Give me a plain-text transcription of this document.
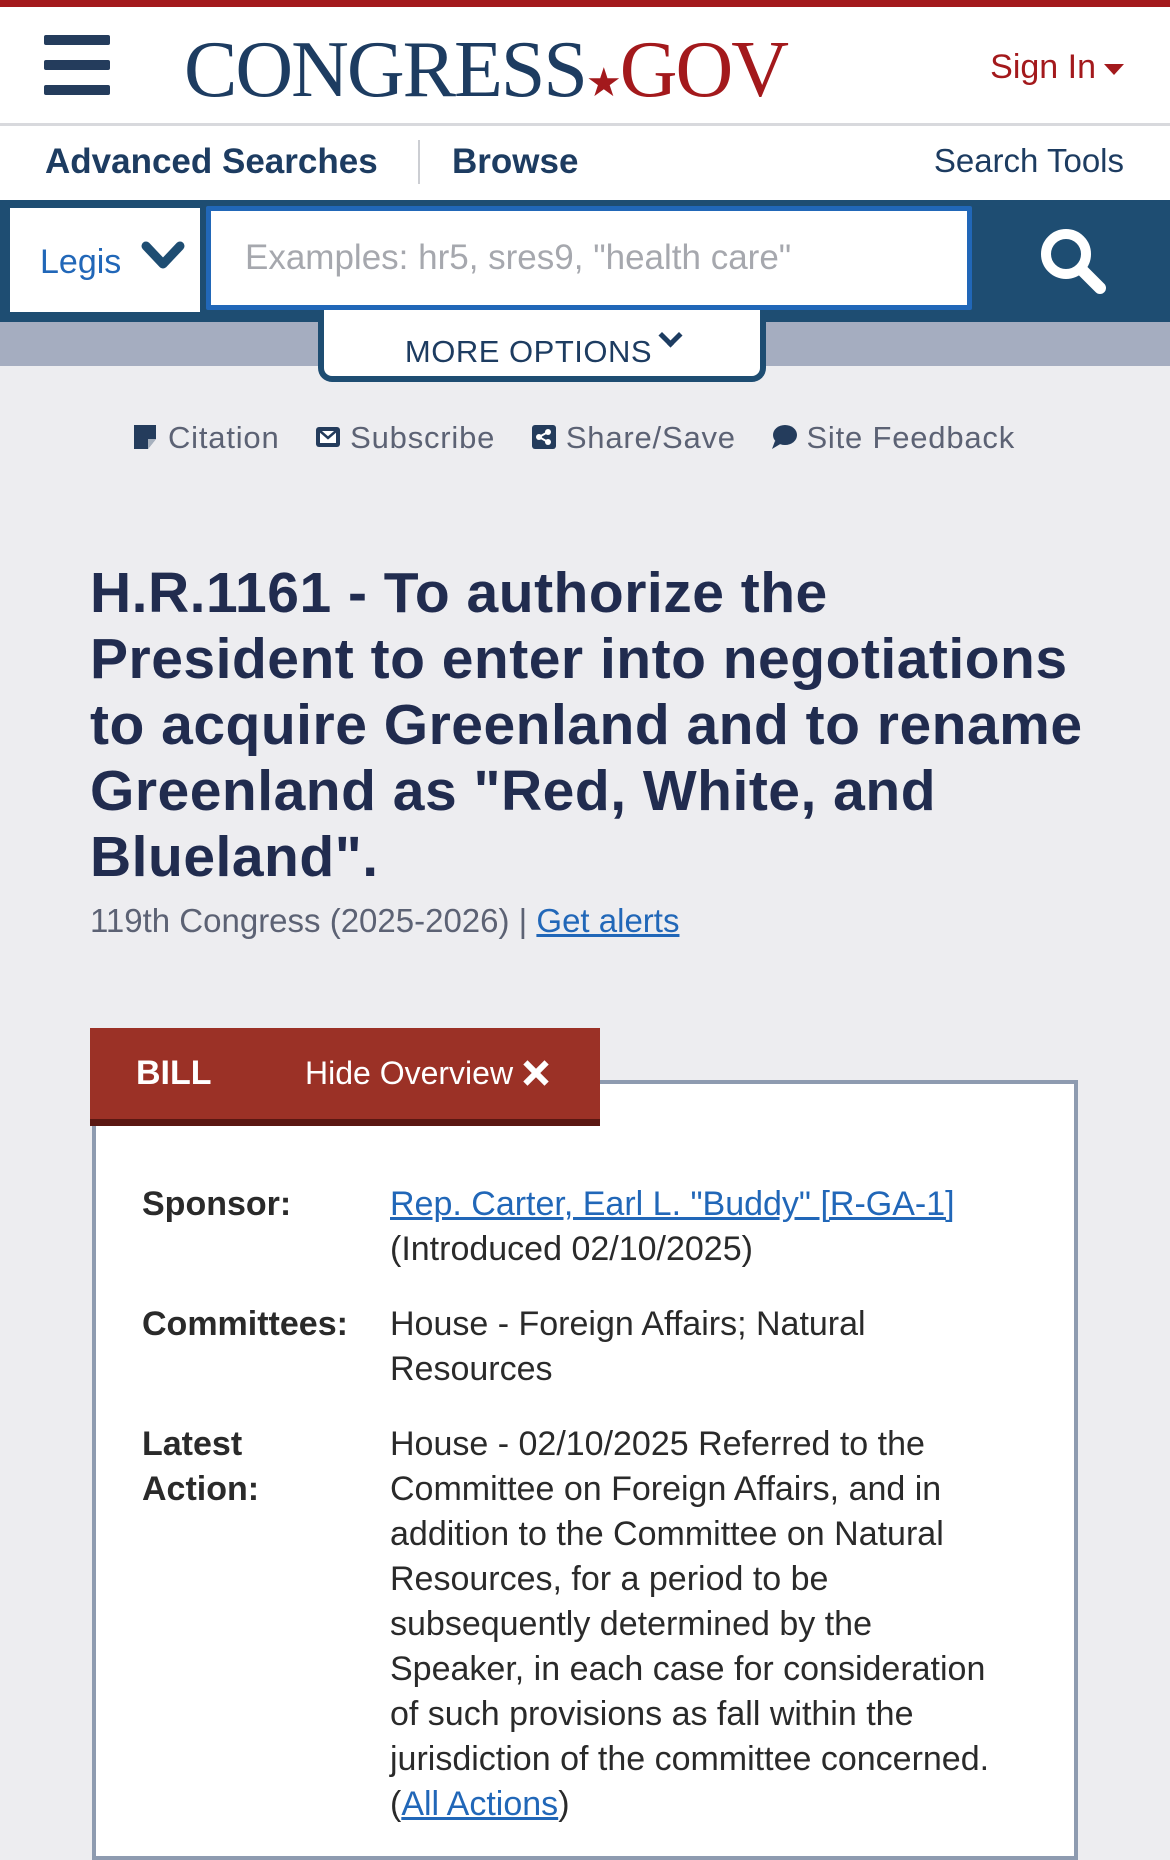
CONGRESS★GOV	Sign In
Advanced Searches Browse	Search Tools
Legis
Examples: hr5, sres9, "health care"
MORE OPTIONS
Citation Subscribe Share/Save Site Feedback
H.R.1161 - To authorize the President to enter into negotiations to acquire Greenland and to rename Greenland as "Red, White, and Blueland".
119th Congress (2025-2026) | Get alerts
BILL	Hide Overview
Sponsor:	Rep. Carter, Earl L. "Buddy" [R-GA-1]
(Introduced 02/10/2025)
Committees: House - Foreign Affairs; Natural Resources
Latest
Action:
House - 02/10/2025 Referred to the Committee on Foreign Affairs, and in addition to the Committee on Natural Resources, for a period to be subsequently determined by the Speaker, in each case for consideration of such provisions as fall within the jurisdiction of the committee concerned. (All Actions)
